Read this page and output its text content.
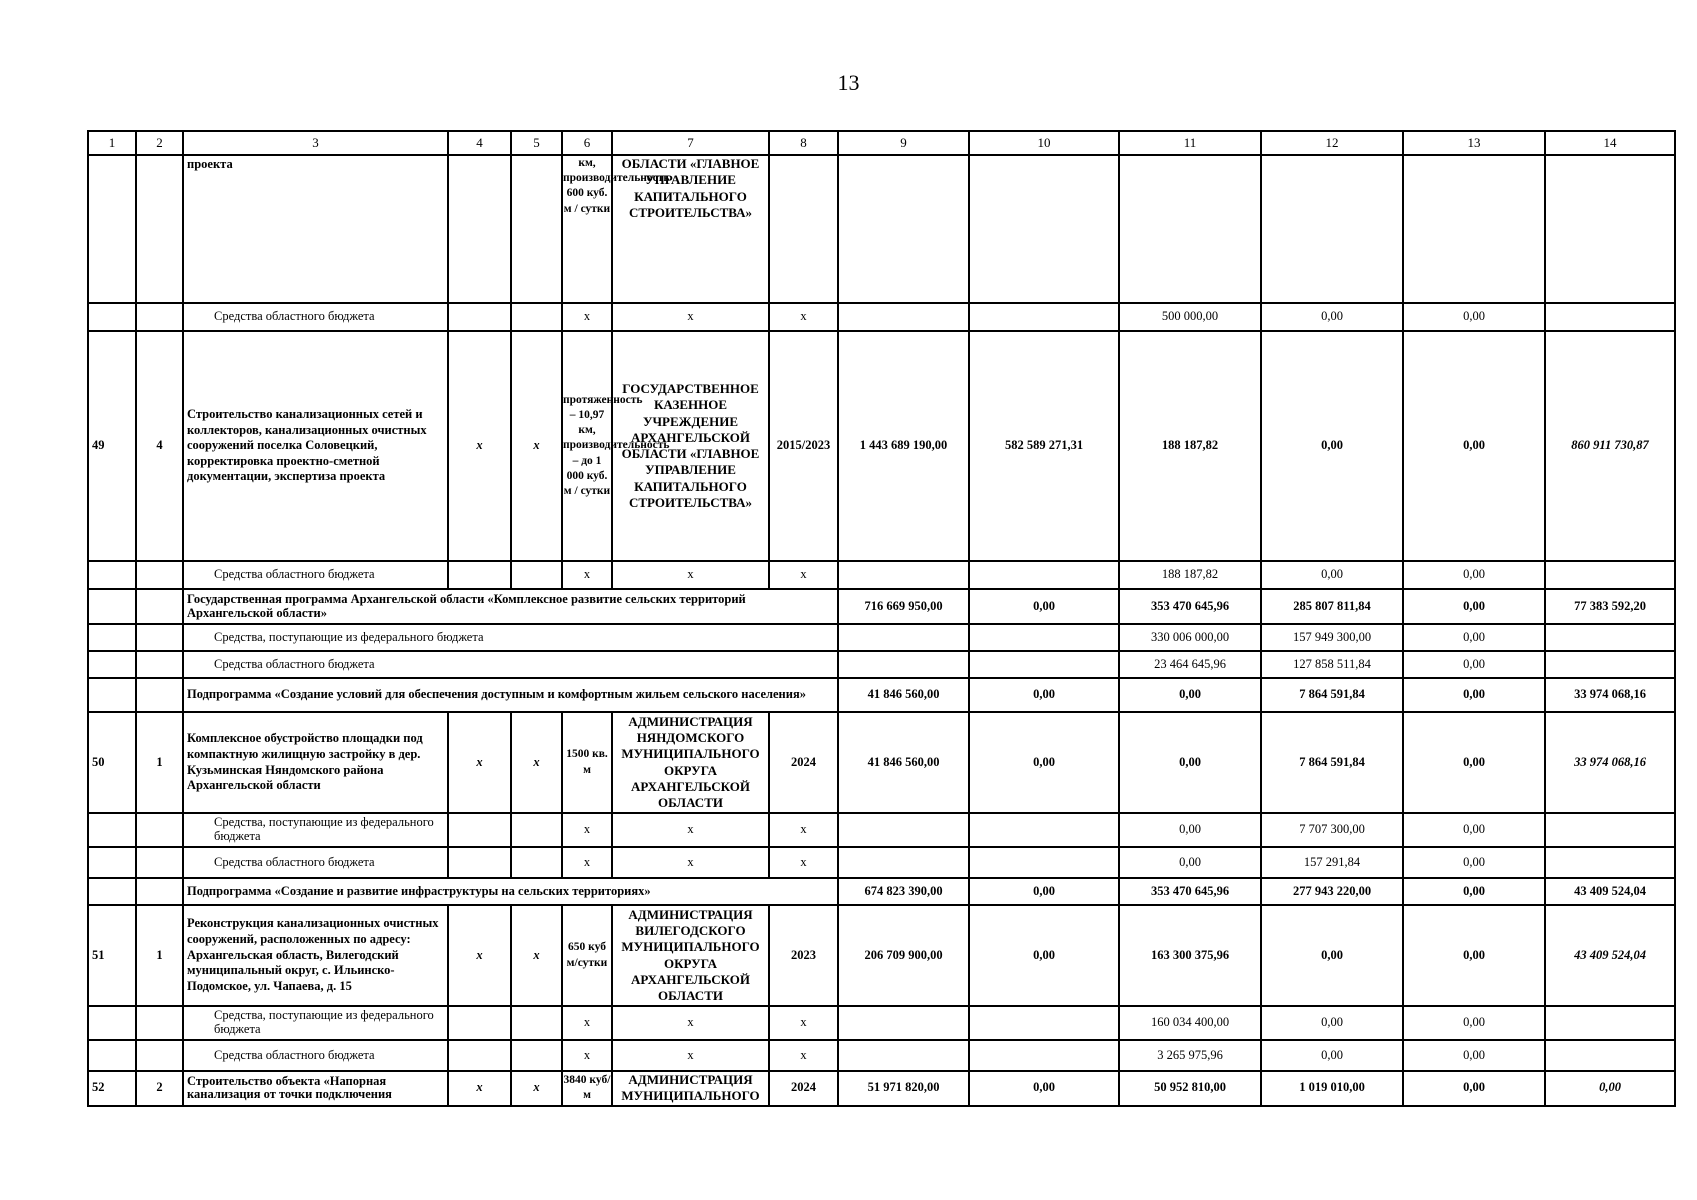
13
1	2	3	4	5	6	7	8	9	10	11	12	13	14
		проекта			км, производительность 600 куб. м / сутки	ОБЛАСТИ «ГЛАВНОЕ УПРАВЛЕНИЕ КАПИТАЛЬНОГО СТРОИТЕЛЬСТВА»							
		Средства областного бюджета			x	x	x			500 000,00	0,00	0,00	
49	4	Строительство канализационных сетей и коллекторов, канализационных очистных сооружений поселка Соловецкий, корректировка проектно-сметной документации, экспертиза проекта	x	x	протяженность – 10,97 км, производительность – до 1 000 куб. м / сутки	ГОСУДАРСТВЕННОЕ КАЗЕННОЕ УЧРЕЖДЕНИЕ АРХАНГЕЛЬСКОЙ ОБЛАСТИ «ГЛАВНОЕ УПРАВЛЕНИЕ КАПИТАЛЬНОГО СТРОИТЕЛЬСТВА»	2015/2023	1 443 689 190,00	582 589 271,31	188 187,82	0,00	0,00	860 911 730,87
		Средства областного бюджета			x	x	x			188 187,82	0,00	0,00	
		Государственная программа Архангельской области «Комплексное развитие сельских территорий Архангельской области»						716 669 950,00	0,00	353 470 645,96	285 807 811,84	0,00	77 383 592,20
		Средства, поступающие из федерального бюджета								330 006 000,00	157 949 300,00	0,00	
		Средства областного бюджета								23 464 645,96	127 858 511,84	0,00	
		Подпрограмма «Создание условий для обеспечения доступным и комфортным жильем сельского населения»						41 846 560,00	0,00	0,00	7 864 591,84	0,00	33 974 068,16
50	1	Комплексное обустройство площадки под компактную жилищную застройку в дер. Кузьминская Няндомского района Архангельской области	x	x	1500 кв. м	АДМИНИСТРАЦИЯ НЯНДОМСКОГО МУНИЦИПАЛЬНОГО ОКРУГА АРХАНГЕЛЬСКОЙ ОБЛАСТИ	2024	41 846 560,00	0,00	0,00	7 864 591,84	0,00	33 974 068,16
		Средства, поступающие из федерального бюджета			x	x	x			0,00	7 707 300,00	0,00	
		Средства областного бюджета			x	x	x			0,00	157 291,84	0,00	
		Подпрограмма «Создание и развитие инфраструктуры на сельских территориях»						674 823 390,00	0,00	353 470 645,96	277 943 220,00	0,00	43 409 524,04
51	1	Реконструкция канализационных очистных сооружений, расположенных по адресу: Архангельская область, Вилегодский муниципальный округ, с. Ильинско-Подомское, ул. Чапаева, д. 15	x	x	650 куб м/сутки	АДМИНИСТРАЦИЯ ВИЛЕГОДСКОГО МУНИЦИПАЛЬНОГО ОКРУГА АРХАНГЕЛЬСКОЙ ОБЛАСТИ	2023	206 709 900,00	0,00	163 300 375,96	0,00	0,00	43 409 524,04
		Средства, поступающие из федерального бюджета			x	x	x			160 034 400,00	0,00	0,00	
		Средства областного бюджета			x	x	x			3 265 975,96	0,00	0,00	
52	2	Строительство объекта «Напорная канализация от точки подключения	x	x	3840 куб/м	АДМИНИСТРАЦИЯ МУНИЦИПАЛЬНОГО	2024	51 971 820,00	0,00	50 952 810,00	1 019 010,00	0,00	0,00
